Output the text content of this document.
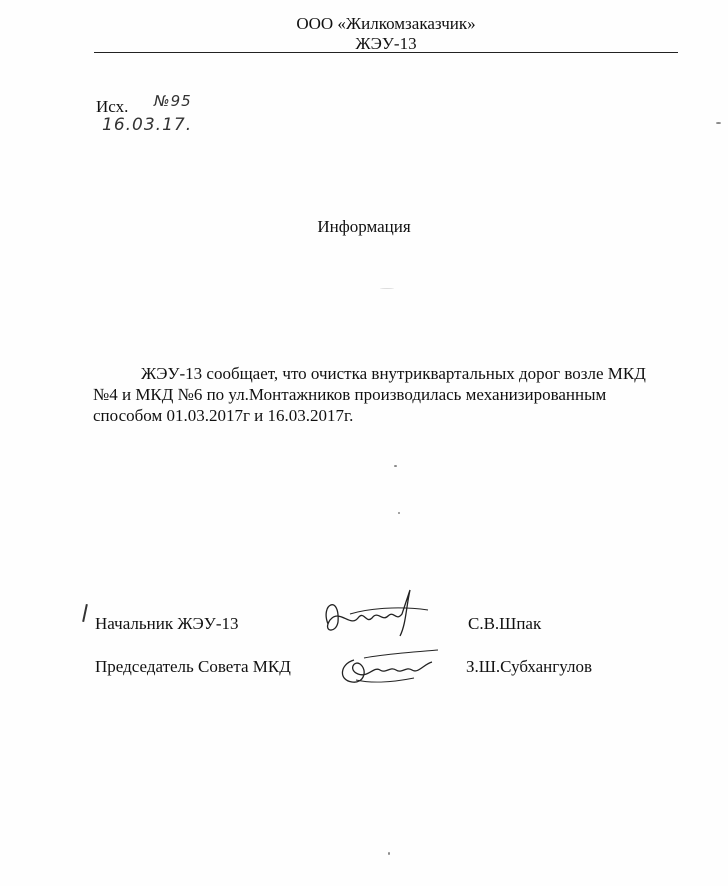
ООО «Жилкомзаказчик»
ЖЭУ-13
Исх. №95
16.03.17.
Информация
ЖЭУ-13 сообщает, что очистка внутриквартальных дорог возле МКД №4 и МКД №6 по ул.Монтажников производилась механизированным способом 01.03.2017г и 16.03.2017г.
Начальник ЖЭУ-13	С.В.Шпак
Председатель Совета МКД	З.Ш.Субхангулов
